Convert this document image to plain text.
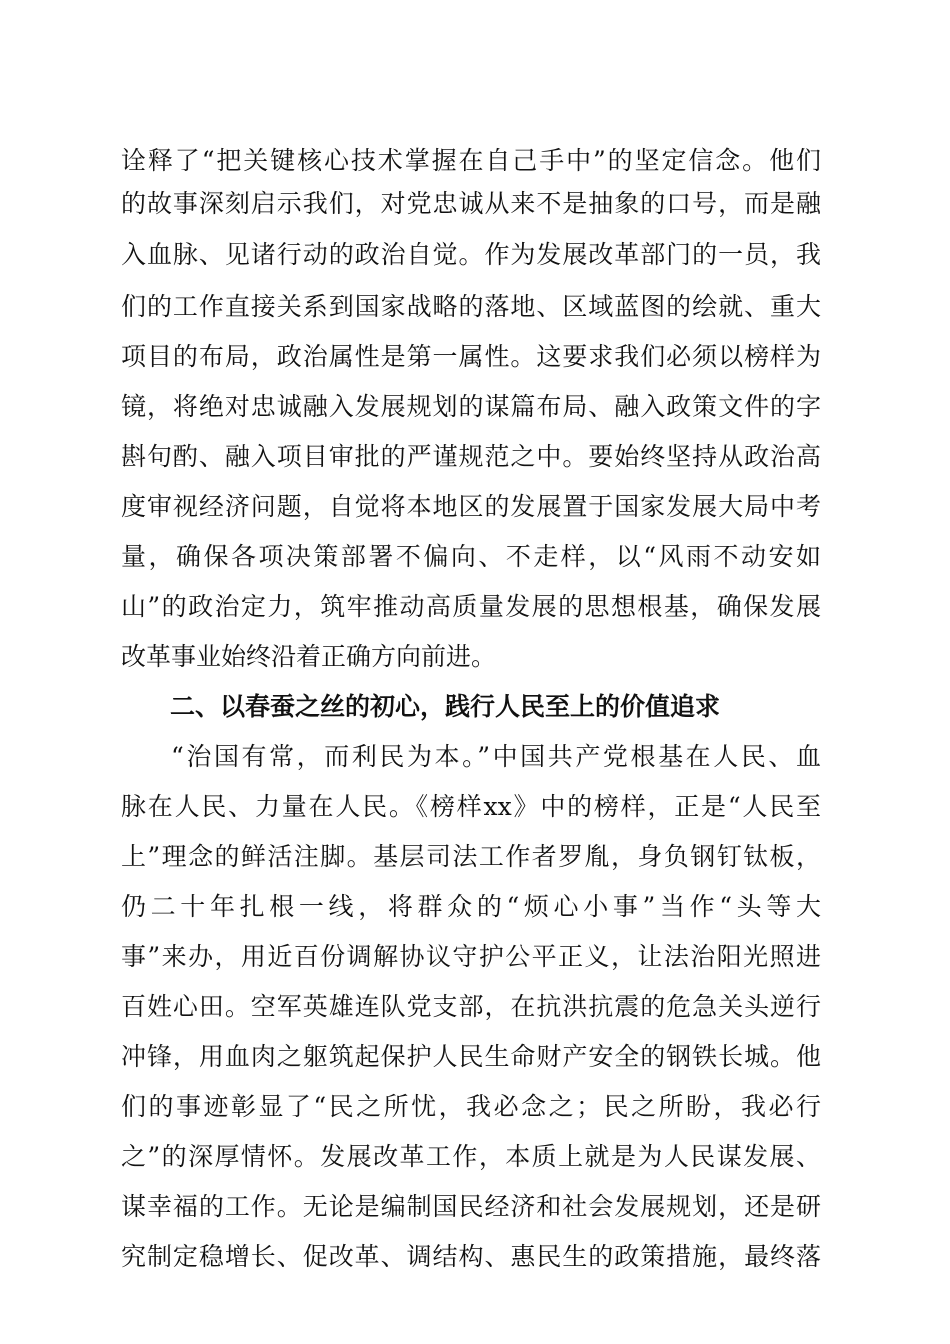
诠释了“把关键核心技术掌握在自己手中”的坚定信念。他们
的故事深刻启示我们，对党忠诚从来不是抽象的口号，而是融
入血脉、见诸行动的政治自觉。作为发展改革部门的一员，我
们的工作直接关系到国家战略的落地、区域蓝图的绘就、重大
项目的布局，政治属性是第一属性。这要求我们必须以榜样为
镜，将绝对忠诚融入发展规划的谋篇布局、融入政策文件的字
斟句酌、融入项目审批的严谨规范之中。要始终坚持从政治高
度审视经济问题，自觉将本地区的发展置于国家发展大局中考
量，确保各项决策部署不偏向、不走样，以“风雨不动安如
山”的政治定力，筑牢推动高质量发展的思想根基，确保发展
改革事业始终沿着正确方向前进。
二、以春蚕之丝的初心，践行人民至上的价值追求
“治国有常，而利民为本。”中国共产党根基在人民、血
脉在人民、力量在人民。《榜样xx》中的榜样，正是“人民至
上”理念的鲜活注脚。基层司法工作者罗胤，身负钢钉钛板，
仍二十年扎根一线，将群众的“烦心小事”当作“头等大
事”来办，用近百份调解协议守护公平正义，让法治阳光照进
百姓心田。空军英雄连队党支部，在抗洪抗震的危急关头逆行
冲锋，用血肉之躯筑起保护人民生命财产安全的钢铁长城。他
们的事迹彰显了“民之所忧，我必念之；民之所盼，我必行
之”的深厚情怀。发展改革工作，本质上就是为人民谋发展、
谋幸福的工作。无论是编制国民经济和社会发展规划，还是研
究制定稳增长、促改革、调结构、惠民生的政策措施，最终落
